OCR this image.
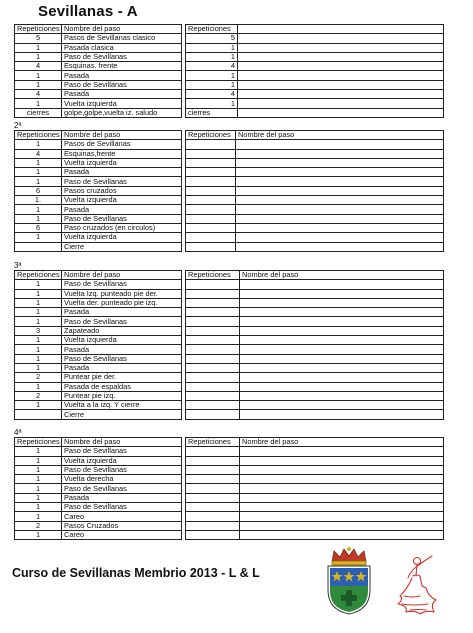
Sevillanas - A
Repeticiones	Nombre del paso
5	Pasos de Sevillanas clasico
1	Pasada clasica
1	Paso de Sevillanas
4	Esquinas. frente
1	Pasada
1	Paso de Sevillanas
4	Pasada
1	Vuelta izquierda
cierres	golpe,golpe,vuelta iz. saludo
Repeticiones	
5	
1	
1	
4	
1	
1	
4	
1	
cierres	
2ª
Repeticiones	Nombre del paso
1	Pasos de Sevillanas
4	Esquinas,frente
1	Vuelta izquierda
1	Pasada
1	Paso de Sevillanas
6	Pasos cruzados
1.	Vuelta izquierda
1	Pasada
1	Paso de Sevillanas
6	Paso cruzados (en circulos)
1	Vuelta izquierda
	Cierre
Repeticiones	Nombre del paso

3ª
Repeticiones	Nombre del paso
1	Paso de Sevillanas
1	Vuelta Izq. punteado pie der.
1	Vuelta der. punteado pie izq.
1	Pasada
1	Paso de Sevillanas
3	Zapateado
1	Vuelta izquierda
1	Pasada
1	Paso de Sevillanas
1	Pasada
2	Puntear pie der.
1	Pasada de espaldas
2	Puntear pie izq.
1	Vuelta a la izq. Y cierre
	Cierre
Repeticiones	Nombre del paso

4ª
Repeticiones	Nombre del paso
1	Paso de Sevillanas
1	Vuelta izquierda
1	Paso de Sevillanas
1	Vuelta derecha
1	Paso de Sevillanas
1	Pasada
1	Paso de Sevillanas
1	Careo
2	Pasos Cruzados
1	Careo
Repeticiones	Nombre del paso

Curso de Sevillanas Membrio 2013 - L & L
